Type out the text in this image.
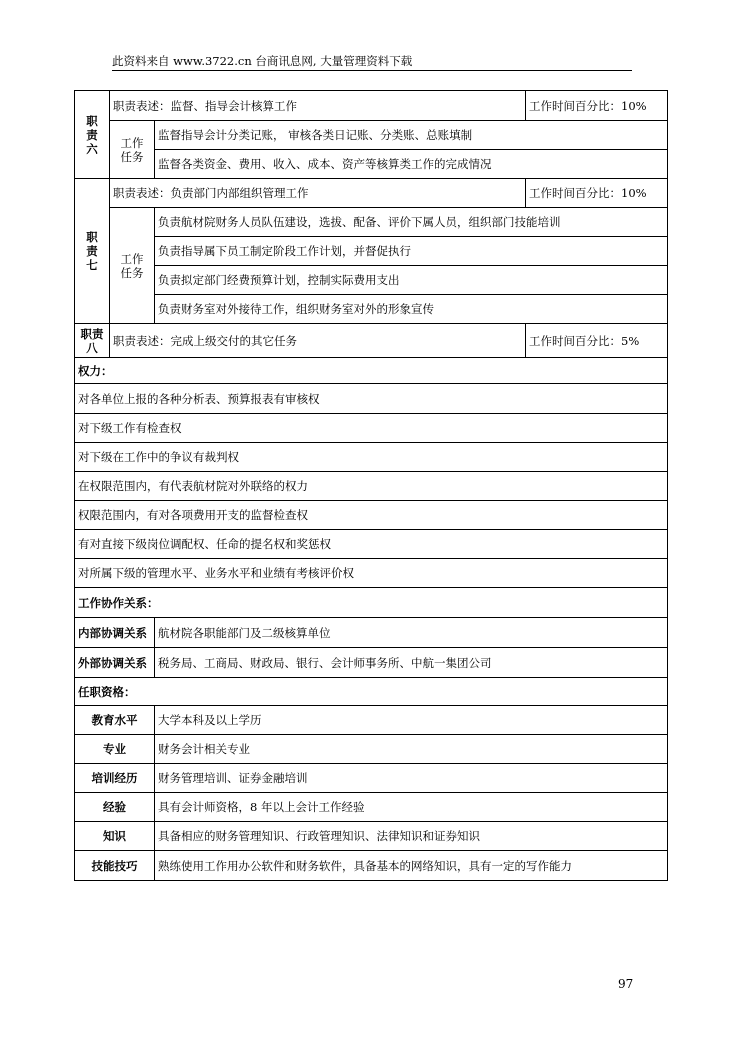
此资料来自 www.3722.cn 台商讯息网, 大量管理资料下载
职
责
六	职责表述：监督、指导会计核算工作		工作时间百分比：10%

	工作
任务	监督指导会计分类记账， 审核各类日记账、分类账、总账填制	
		监督各类资金、费用、收入、成本、资产等核算类工作的完成情况	

职
责
七	职责表述：负责部门内部组织管理工作		工作时间百分比：10%

	工作
任务	负责航材院财务人员队伍建设，选拔、配备、评价下属人员，组织部门技能培训	
		负责指导属下员工制定阶段工作计划，并督促执行	
		负责拟定部门经费预算计划，控制实际费用支出	
		负责财务室对外接待工作，组织财务室对外的形象宣传	

职责
八	职责表述：完成上级交付的其它任务		工作时间百分比：5%
权力：			
对各单位上报的各种分析表、预算报表有审核权			
对下级工作有检查权			
对下级在工作中的争议有裁判权			
在权限范围内，有代表航材院对外联络的权力			
权限范围内，有对各项费用开支的监督检查权			
有对直接下级岗位调配权、任命的提名权和奖惩权			
对所属下级的管理水平、业务水平和业绩有考核评价权			
工作协作关系：			
内部协调关系		航材院各职能部门及二级核算单位	
外部协调关系		税务局、工商局、财政局、银行、会计师事务所、中航一集团公司	
任职资格：			
教育水平		大学本科及以上学历	
专业		财务会计相关专业	
培训经历		财务管理培训、证券金融培训	
经验		具有会计师资格，8 年以上会计工作经验	
知识		具备相应的财务管理知识、行政管理知识、法律知识和证券知识	
技能技巧		熟练使用工作用办公软件和财务软件，具备基本的网络知识，具有一定的写作能力	
97
